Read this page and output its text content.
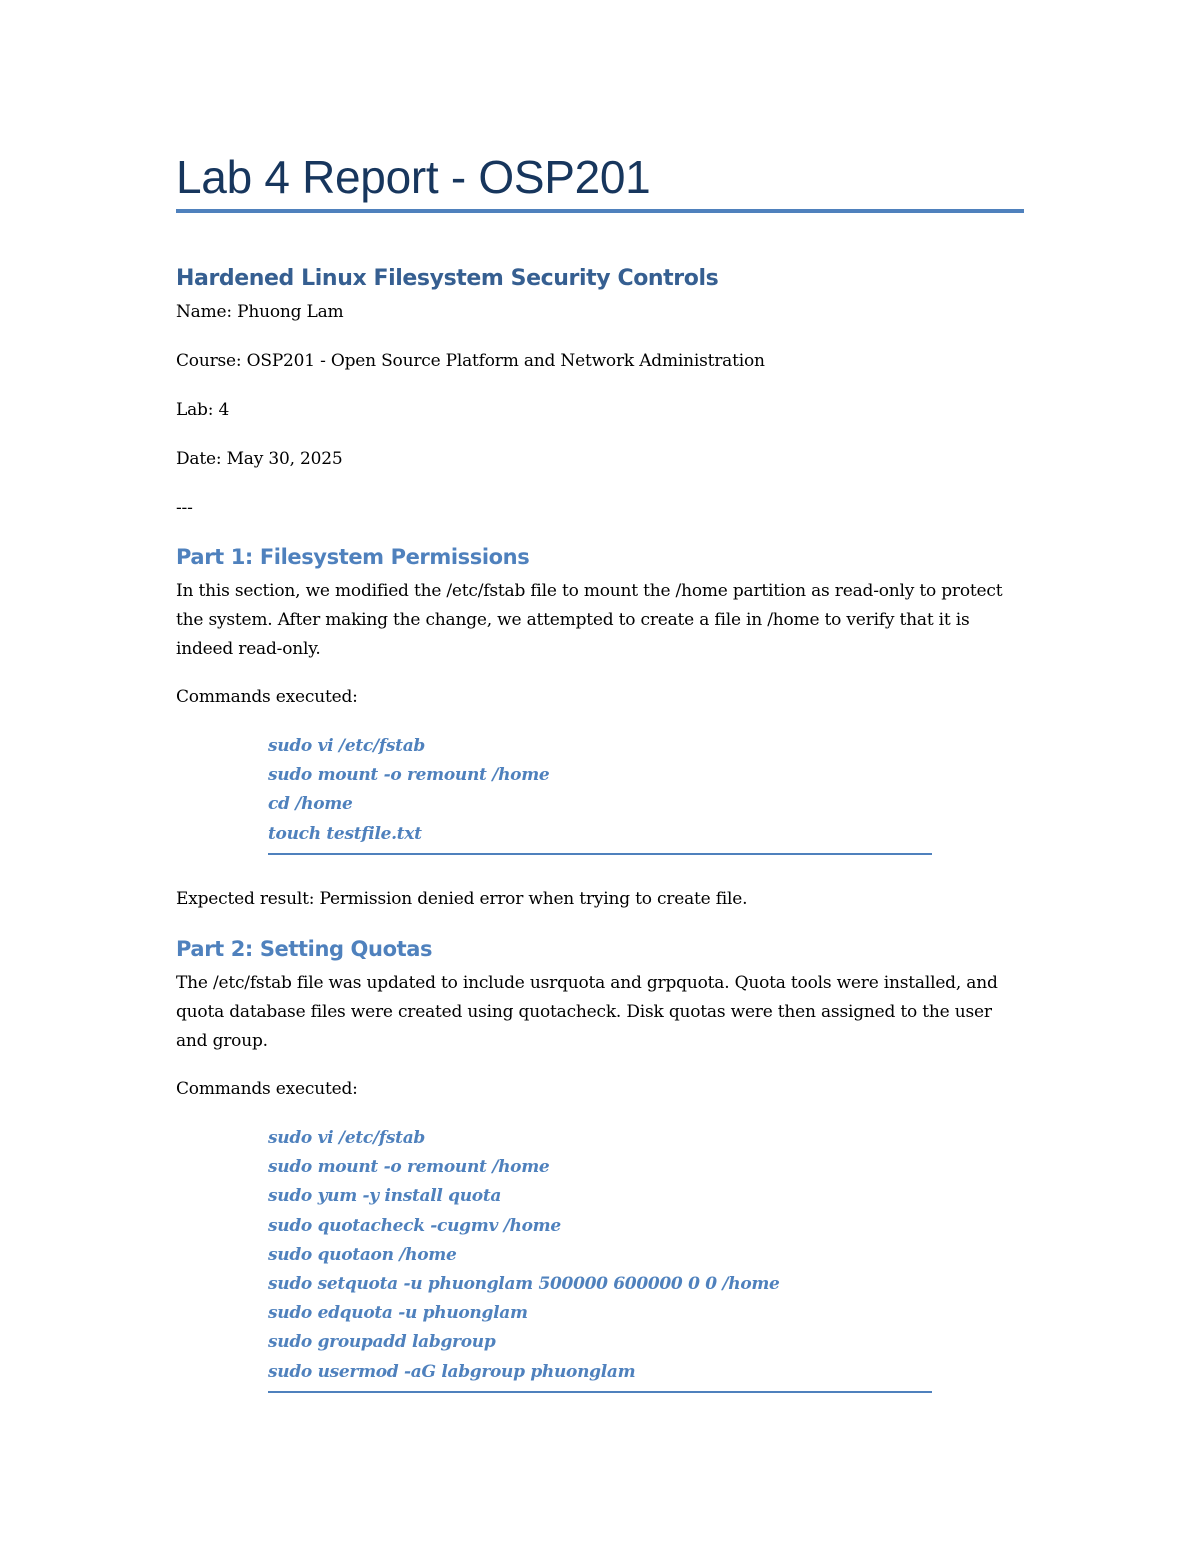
Lab 4 Report - OSP201
Hardened Linux Filesystem Security Controls
Name: Phuong Lam
Course: OSP201 - Open Source Platform and Network Administration
Lab: 4
Date: May 30, 2025
---
Part 1: Filesystem Permissions
In this section, we modified the /etc/fstab file to mount the /home partition as read-only to protect the system. After making the change, we attempted to create a file in /home to verify that it is indeed read-only.
Commands executed:
sudo vi /etc/fstab
sudo mount -o remount /home
cd /home
touch testfile.txt
Expected result: Permission denied error when trying to create file.
Part 2: Setting Quotas
The /etc/fstab file was updated to include usrquota and grpquota. Quota tools were installed, and quota database files were created using quotacheck. Disk quotas were then assigned to the user and group.
Commands executed:
sudo vi /etc/fstab
sudo mount -o remount /home
sudo yum -y install quota
sudo quotacheck -cugmv /home
sudo quotaon /home
sudo setquota -u phuonglam 500000 600000 0 0 /home
sudo edquota -u phuonglam
sudo groupadd labgroup
sudo usermod -aG labgroup phuonglam
